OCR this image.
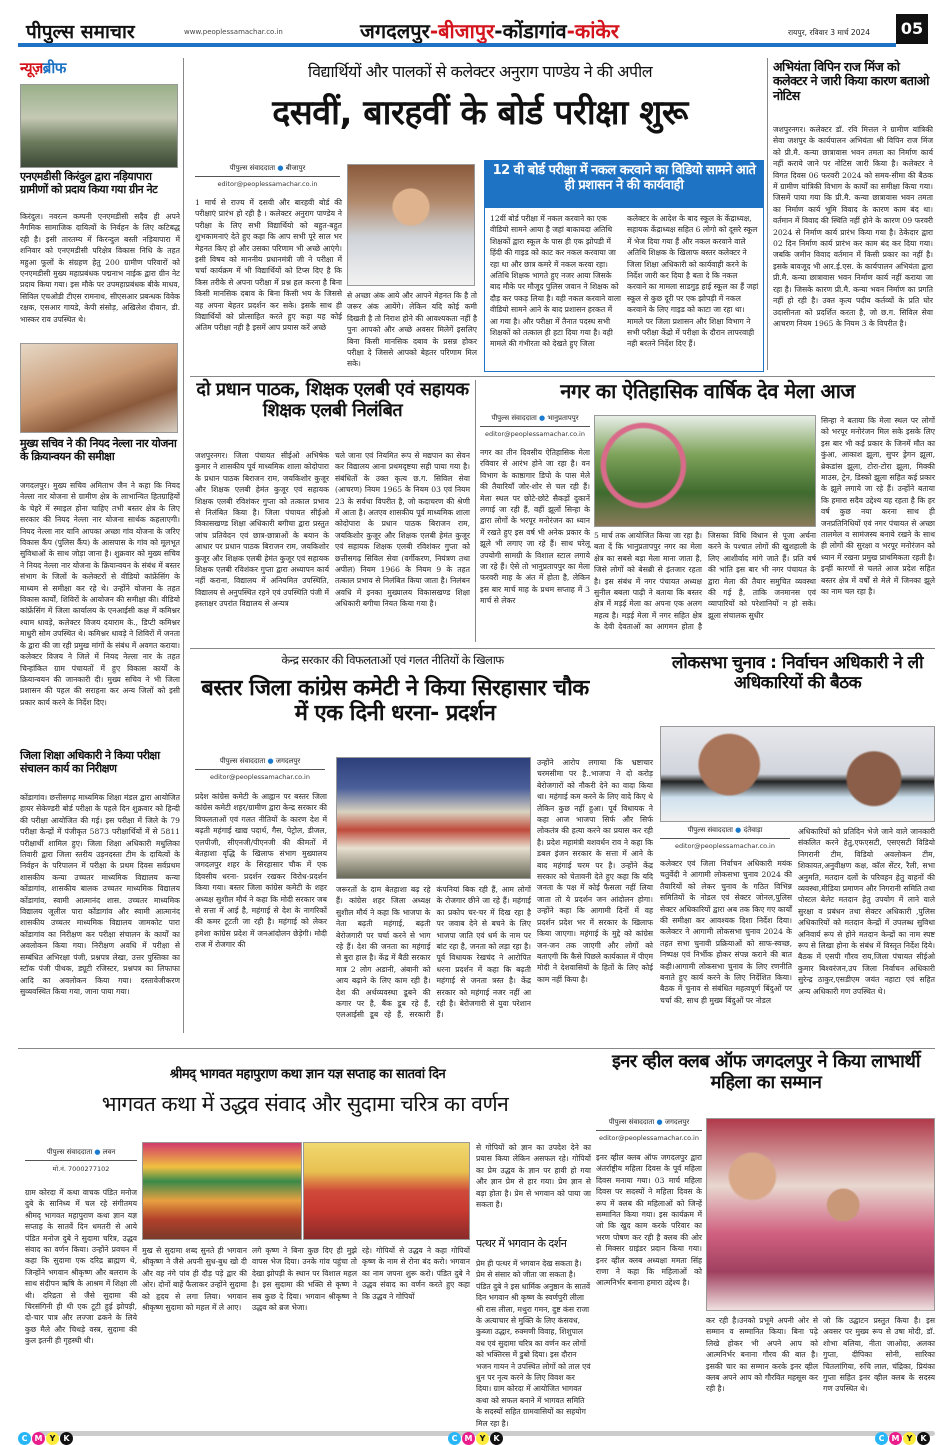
पीपुल्स समाचार	www.peoplessamachar.co.in	जगदलपुर-बीजापुर-कोंडागांव-कांकेर	रायपुर, रविवार 3 मार्च 2024	05
न्यूज़ब्रीफ
एनएमडीसी किरंदुल द्वारा नड़ियापारा ग्रामीणों को प्रदाय किया गया ग्रीन नेट
किरंदुल। नवरत्न कम्पनी एनएमडीसी सदैव ही अपने नैगमिक सामाजिक दायित्वों के निर्वहन के लिए कटिबद्ध रही है। इसी तारतम्य में किरन्दुल बस्ती नड़ियापारा में शनिवार को एनएमडीसी परिक्षेत्र विकास निधि के तहत महुआ फूलों के संग्रहण हेतु 200 ग्रामीण परिवारों को एनएमडीसी मुख्य महाप्रबंधक पद्मनाभ नाईक द्वारा ग्रीन नेट प्रदाय किया गया। इस मौके पर उपमहाप्रबंधक बीके माधव, सिविल एचओडी टीएस रामनाथ, सीएसआर प्रबन्धक विवेक रक्षक, एसआर गायडे, केपी संसोड़, अखिलेश दीवान, डी. भास्कर राव उपस्थित थे।
मुख्य सचिव ने की नियद नेल्ला नार योजना के क्रियान्वयन की समीक्षा
जगदलपुर। मुख्य सचिव अमिताभ जैन ने कहा कि नियद नेल्ला नार योजना से ग्रामीण क्षेत्र के लाभान्वित हितग्राहियों के चेहरे में स्माइल होना चाहिए तभी बस्तर क्षेत्र के लिए सरकार की नियद नेल्ला नार योजना सार्थक कहलाएगी। नियद नेल्ला नार यानि आपका अच्छा गांव योजना के जरिए विकास कैंप (पुलिस कैंप) के आसपास के गांव को मूलभूत सुविधाओं के साथ जोड़ा जाना है। शुक्रवार को मुख्य सचिव ने नियद नेल्ला नार योजना के क्रियान्वयन के संबंध में बस्तर संभाग के जिलों के कलेक्टरों से वीडियो कांफ्रेंसिंग के माध्यम से समीक्षा कर रहे थे। उन्होंने योजना के तहत विकास कार्यों, शिविरों के आयोजन की समीक्षा की। वीडियो कांफ्रेंसिंग में जिला कार्यालय के एनआईसी कक्ष में कमिश्नर श्याम धावड़े, कलेक्टर विजय दयाराम के., डिप्टी कमिश्नर माधुरी सोम उपस्थित थे। कमिश्नर धावड़े ने शिविरों में जनता के द्वारा की जा रही प्रमुख मांगों के संबंध में अवगत कराया। कलेक्टर विजय ने जिले में नियद नेल्ला नार के तहत चिन्हांकित ग्राम पंचायतों में हुए विकास कार्यों के क्रियान्वयन की जानकारी दी। मुख्य सचिव ने भी जिला प्रशासन की पहल की सराहना कर अन्य जिलों को इसी प्रकार कार्य करने के निर्देश दिए।
जिला शिक्षा अधिकारी ने किया परीक्षा संचालन कार्य का निरीक्षण
कोंडागांव। छत्तीसगढ़ माध्यमिक शिक्षा मंडल द्वारा आयोजित हायर सेकेण्डरी बोर्ड परीक्षा के पहले दिन शुक्रवार को हिन्दी की परीक्षा आयोजित की गई। इस परीक्षा में जिले के 79 परीक्षा केन्द्रों में पंजीकृत 5873 परीक्षार्थियों में से 5811 परीक्षार्थी शामिल हुए। जिला शिक्षा अधिकारी मधुलिका तिवारी द्वारा जिला स्तरीय उड़नदस्ता टीम के दायित्वों के निर्वहन के परिपालन में परीक्षा के प्रथम दिवस सर्वप्रथम शासकीय कन्या उच्चतर माध्यमिक विद्यालय कन्या कोंडागांव, शासकीय बालक उच्चतर माध्यमिक विद्यालय कोंडागांव, स्वामी आत्मानंद शास. उच्चतर माध्यमिक विद्यालय जूलील पारा कोंडागांव और स्वामी आत्मानंद शासकीय उच्चतर माध्यमिक विद्यालय जामकोट पारा कोंडागांव का निरीक्षण कर परीक्षा संचालन के कार्यों का अवलोकन किया गया। निरीक्षण अवधि में परीक्षा से सम्बंधित अभिरक्षा पंजी, प्रश्नपत्र लेखा, उत्तर पुस्तिका का स्टॉक पंजी पीथक, ड्यूटी रजिस्टर, प्रश्नपत्र का लिफाफा आदि का अवलोकन किया गया। दस्तावेजीकरण सुव्यवस्थित किया गया, जाना पाया गया।
विद्यार्थियों और पालकों से कलेक्टर अनुराग पाण्डेय ने की अपील
दसवीं, बारहवीं के बोर्ड परीक्षा शुरू
पीपुल्स संवाददाता ● बीजापुर
editor@peoplessamachar.co.in
1 मार्च से राज्य में दसवी और बारहवी बोर्ड की परीक्षाएं प्रारंभ हो रही है । कलेक्टर अनुराग पाण्डेय ने परीक्षा के लिए सभी विद्यार्थियो को बहुत-बहुत शुभकामनाएं देते हुए कहा कि आप सभी पूरे साल भर मेहनत किए हो और उसका परिणाम भी अच्छे आएंगे। इसी विषय को माननीय प्रधानमंत्री जी ने परीक्षा में चर्चा कार्यक्रम में भी विद्यार्थियों को टिप्स दिए है कि किस तरीके से अपना परीक्षा में प्रश्न हल करना है बिना किसी मानसिक दबाव के बिना किसी भय के जिससे वह अपना बेहतर प्रदर्शन कर सके। इसके साथ ही विद्यार्थियों को प्रोत्साहित करते हुए कहा यह कोई अंतिम परीक्षा नही है इसमें आप प्रयास करें अच्छे
से अच्छा अंक आये और आपने मेहनत कि है तो जरूर अंक आयेंगे। लेकिन यदि कोई कमी दिखती है तो निराश होने की आवश्यकता नहीं है पुनः आपको और अच्छे अवसर मिलेगें इसलिए बिना किसी मानसिक दबाव के प्रसन्न होकर परीक्षा दे जिससे आपको बेहतर परिणाम मिल सके।
12 वी बोर्ड परीक्षा में नकल करवाने का विडियो सामने आते ही प्रशासन ने की कार्यवाही
12वीं बोर्ड परीक्षा में नकल करवाने का एक वीडियो सामने आया है जहां बाकायदा अतिथि शिक्षकों द्वारा स्कूल के पास ही एक झोपडी में हिंदी की गाइड को काट कर नकल करवाया जा रहा था और छात्र कमरे में नकल करवा रहा। अतिथि शिक्षक भागते हुए नजर आया जिसके बाद मौके पर मौजूद पुलिस जवान ने शिक्षक को दौड़ कर पकड़ लिया है। वही नकल करवाने वाला वीडियो सामने आने के बाद प्रशासन हरकत में आ गया है। और परीक्षा में तैनात पदस्थ सभी शिक्षकों को तत्काल ही हटा दिया गया है। वही मामले की गंभीरता को देखते हुए जिला
कलेक्टर के आदेश के बाद स्कूल के केंद्राध्यक्ष, सहायक केंद्राध्यक्ष सहित 6 लोगो को दूसरे स्कूल में भेज दिया गया हैं और नकल करवाने वाले अतिथि शिक्षक के खिलाफ बस्तर कलेक्टर ने जिला शिक्षा अधिकारी को कार्यवाही करने के निर्देश जारी कर दिया है बता दे कि नकल करवाने का मामला साडगुड़ हाई स्कूल का हैं जहां स्कूल से कुछ दूरी पर एक झोपड़ी में नकल करवाने के लिए गाइड को काटा जा रहा था। मामले पर जिला प्रशासन और शिक्षा विभाग ने सभी परीक्षा केंद्रो में परीक्षा के दौरान लापरवाही नही बरतने निर्देश दिए हैं।
अभियंता विपिन राज मिंज को कलेक्टर ने जारी किया कारण बताओ नोटिस
जशपुरनगर। कलेक्टर डॉ. रवि मित्तल ने ग्रामीण यांत्रिकी सेवा जशपुर के कार्यपालन अभियंता श्री विपिन राज मिंज को प्री.मै. कन्या छात्रावास भवन तमता का निर्माण कार्य नहीं कराये जाने पर नोटिस जारी किया है। कलेक्टर ने विगत दिवस 06 फरवरी 2024 को समय-सीमा की बैठक में ग्रामीण यांत्रिकी विभाग के कार्यों का समीक्षा किया गया। जिसमें पाया गया कि प्री.मै. कन्या छात्रावास भवन तमता का निर्माण कार्य भूमि विवाद के कारण काम बंद था। वर्तमान में विवाद की स्थिति नहीं होने के कारण 09 फरवरी 2024 से निर्माण कार्य प्रारंभ किया गया है। ठेकेदार द्वारा 02 दिन निर्माण कार्य प्रारंभ कर काम बंद कर दिया गया। जबकि जमीन विवाद वर्तमान में किसी प्रकार का नहीं है। इसके बावजूद भी आर.ई.एस. के कार्यपालन अभियंता द्वारा प्री.मै. कन्या छात्रावास भवन निर्माण कार्य नहीं कराया जा रहा है। जिसके कारण प्री.मै. कन्या भवन निर्माण का प्रगति नहीं हो रही है। उक्त कृत्य पदीय कर्तव्यों के प्रति घोर उदासीनता को प्रदर्शित करता है, जो छ.ग. सिविल सेवा आचरण नियम 1965 के नियम 3 के विपरीत है।
दो प्रधान पाठक, शिक्षक एलबी एवं सहायक शिक्षक एलबी निलंबित
जशपुरनगर। जिला पंचायत सीईओ अभिषेक कुमार ने शासकीय पूर्व माध्यमिक शाला कोदोपारा के प्रधान पाठक बिराजन राम, जयकिशोर कुजूर और शिक्षक एलबी हेमंत कुजूर एवं सहायक शिक्षक एलबी रविशंकर गुप्ता को तत्काल प्रभाव से निलंबित किया है। जिला पंचायत सीईओ विकासखण्ड शिक्षा अधिकारी बगीचा द्वारा प्रस्तुत जांच प्रतिवेदन एवं छात्र-छात्राओं के बयान के आधार पर प्रधान पाठक बिराजन राम, जयकिशोर कुजूर और शिक्षक एलबी हेमंत कुजूर एवं सहायक शिक्षक एलबी रविशंकर गुप्ता द्वारा अध्यापन कार्य नहीं कराना, विद्यालय में अनियमित उपस्थिति, विद्यालय से अनुपस्थित रहने एवं उपस्थिति पंजी में हस्ताक्षर उपरांत विद्यालय से अन्यत्र
चले जाना एवं नियमित रूप से मद्यपान का सेवन कर विद्यालय आना प्रथमदृष्टया सही पाया गया है। संबंधितों के उक्त कृत्य छ.ग. सिविल सेवा (आचरण) नियम 1965 के नियम 03 एवं नियम 23 के सर्वथा विपरीत है, जो कदाचरण की श्रेणी में आता है। अतएव शासकीय पूर्व माध्यमिक शाला कोदोपारा के प्रधान पाठक बिराजन राम, जयकिशोर कुजूर और शिक्षक एलबी हेमंत कुजूर एवं सहायक शिक्षक एलबी रविशंकर गुप्ता को छत्तीसगढ़ सिविल सेवा (वर्गीकरण, नियंत्रण तथा अपील) नियम 1966 के नियम 9 के तहत तत्काल प्रभाव से निलंबित किया जाता है। निलंबन अवधि में इनका मुख्यालय विकासखण्ड शिक्षा अधिकारी बगीचा नियत किया गया है।
नगर का ऐतिहासिक वार्षिक देव मेला आज
पीपुल्स संवाददाता ● भानुप्रतापपुर
editor@peoplessamachar.co.in
नगर का तीन दिवसीय ऐतिहासिक मेला रविवार से आरंभ होने जा रहा है। वन विभाग के काष्ठागार डिपो के पास मेले की तैयारियाँ जोर-शोर से चल रही हैं। मेला स्थल पर छोटे-छोटे सैकड़ों दुकानें लगाई जा रही हैं, वहीं झूलों सिन्हा के द्वारा लोगों के भरपूर मनोरंजन का ध्यान में रखते हुए इस वर्ष भी अनेक प्रकार के झूले भी लगाए जा रहे हैं। साथ घरेलू उपयोगी सामग्री के विशाल स्टाल लगाये जा रहे हैं। ऐसे तो भानुप्रतापपुर का मेला फरवरी माह के अंत में होता है, लेकिन इस बार मार्च माह के प्रथम सप्ताह में 3 मार्च से लेकर
5 मार्च तक आयोजित किया जा रहा है। बता दें कि भानुप्रतापपुर नगर का मेला क्षेत्र का सबसे बड़ा मेला माना जाता है, जिसे लोगों को बेसब्री से इंतजार रहता है। इस संबंध में नगर पंचायत अध्यक्ष सुनील बबला पाढ़ी ने बताया कि बस्तर क्षेत्र में मड़ई मेला का अपना एक अलग महत्व है। मड़ई मेला में नगर सहित क्षेत्र के देवी देवताओं का आगमन होता है जिसका विधि विधान से पूजा अर्चना करने के पश्चात लोगों की खुशहाली के लिए आशीर्वाद मांगे जाते हैं। प्रति वर्ष की भांति इस बार भी नगर पंचायत के द्वारा मेला की तैयार समुचित व्यवस्था की गई है, ताकि जनमानस एवं व्यापारियों को परेशानियों न हो सके। झूला संचालक सुधीर
सिन्हा ने बताया कि मेला स्थल पर लोगों को भरपूर मनोरंजन मिल सके इसके लिए इस बार भी कई प्रकार के जिनमें मौत का कुंआ, आकाश झूला, सुपर ड्रेगन झूला, ब्रेकडांस झूला, टोरा-टोरा झूला, मिक्की माउस, ट्रेन, डिस्को झूला सहित कई प्रकार के झूले लगाये जा रहे हैं। उन्होंने बताया कि हमारा सदैव उद्देश्य यह रहता है कि हर वर्ष कुछ नया करना साथ ही जनप्रतिनिधियों एवं नगर पंचायत से अच्छा तालमेल व सामंजस्य बनाये रखने के साथ ही लोगों की सुरक्षा व भरपूर मनोरंजन को ध्यान में रखना प्रमुख प्राथमिकता रहती है। इन्हीं कारणों से चलते आज प्रदेश सहित बस्तर क्षेत्र में वर्षों से मेले में जिनका झूले का नाम चल रहा है।
केन्द्र सरकार की विफलताओं एवं गलत नीतियों के खिलाफ
बस्तर जिला कांग्रेस कमेटी ने किया सिरहासार चौक में एक दिनी धरना- प्रदर्शन
पीपुल्स संवाददाता ● जगदलपुर
editor@peoplessamachar.co.in
प्रदेश कांग्रेस कमेटी के आह्वान पर बस्तर जिला कांग्रेस कमेटी शहर/ग्रामीण द्वारा केन्द्र सरकार की विफलताओं एवं गलत नीतियों के कारण देश में बढ़ती महंगाई खाद्य पदार्थ, गैस, पेट्रोल, डीजल, एलपीजी, सीएनजी/पीएनजी की कीमतों में बेतहाशा वृद्धि के खिलाफ संभाग मुख्यालय जगदलपुर शहर के सिरहासार चौक में एक दिवसीय धरना- प्रदर्शन रखकर विरोध-प्रदर्शन किया गया। बस्तर जिला कांग्रेस कमेटी के शहर अध्यक्ष सुशील मौर्य ने कहा कि मोदी सरकार जब से सत्ता में आई है, महंगाई से देश के नागरिकों की कमर टूटती जा रही है। महंगाई को लेकर हमेशा कांग्रेस प्रदेश में जनआंदोलन छेड़ेगी। मोदी राज में रोजगार की
जरूरतों के दाम बेतहाशा बढ़ रहे हैं। कांग्रेस शहर जिला अध्यक्ष सुशील मौर्य ने कहा कि भाजपा के नेता बढ़ती महंगाई, बढ़ती बेरोजगारी पर चर्चा करने से भाग रहे हैं। देश की जनता का महंगाई से बुरा हाल है। केंद्र में बैठी सरकार मात्र 2 लोग अडानी, अंबानी को आय बढ़ाने के लिए काम रही है। देश की अर्थव्यवस्था डूबने की कगार पर है, बैंक डूब रहे हैं, एलआईसी डूब रहे हैं, सरकारी कंपनियां बिक रही हैं, आम लोगों के रोजगार छीने जा रहे हैं। महंगाई का प्रकोप चर-चर में दिख रहा है पर जवाब देने से बचने के लिए भाजपा जाति एवं धर्म के नाम पर बांट रहा है, जनता को लड़ा रहा है। पूर्व विधायक रेखचंद ने आरोपित धरना प्रदर्शन में कहा कि बढ़ती महंगाई से जनता त्रस्त है। केंद्र सरकार को महंगाई नजर नहीं आ रही है। बेरोजगारी से युवा परेशान हैं।
उन्होंने आरोप लगाया कि भ्रष्टाचार चरमसीमा पर है..भाजपा ने दो करोड़ बेरोजगारों को नौकरी देने का वादा किया था। महंगाई कम करने के लिए वादे किए थे लेकिन कुछ नहीं हुआ। पूर्व विधायक ने कहा आज भाजपा सिर्फ और सिर्फ लोकतंत्र की हत्या करने का प्रयास कर रही है। प्रदेश महामंत्री यशवर्धन राव ने कहा कि डबल इंजन सरकार के सत्ता में आने के बाद महंगाई चरम पर है। उन्होंने केंद्र सरकार को चेतावनी देते हुए कहा कि यदि जनता के पक्ष में कोई फैसला नहीं लिया जाता तो ये प्रदर्शन जन आंदोलन होगा। उन्होंने कहा कि आगामी दिनों में वह प्रदर्शन प्रदेश भर में सरकार के खिलाफ किया जाएगा। महंगाई के मुद्दे को कांग्रेस जन-जन तक जाएगी और लोगों को बताएगी कि कैसे पिछले कार्यकाल में पीएम मोदी ने देशवासियों के हितों के लिए कोई काम नहीं किया है।
लोकसभा चुनाव : निर्वाचन अधिकारी ने ली अधिकारियों की बैठक
पीपुल्स संवाददाता ● दंतेवाड़ा
editor@peoplessamachar.co.in
कलेक्टर एवं जिला निर्वाचन अधिकारी मयंक चतुर्वेदी ने आगामी लोकसभा चुनाव 2024 की तैयारियों को लेकर चुनाव के गठित विभिन्न समितियों के नोडल एवं सेक्टर जोनल,पुलिस सेक्टर अधिकारियों द्वारा अब तक किए गए कार्यों की समीक्षा कर आवश्यक दिशा निर्देश दिया।कलेक्टर ने आगामी लोकसभा चुनाव 2024 के तहत सभा चुनावी प्रक्रियाओं को साफ-स्वच्छ, निष्पक्ष एवं निर्भीक होकर संपन्न कराने की बात कही।आगामी लोकसभा चुनाव के लिए रणनीति बनाते हुए कार्य करने के लिए निर्देशित किया। बैठक में चुनाव से संबंधित महत्वपूर्ण बिंदुओं पर चर्चा की, साथ ही मुख्य बिंदुओं पर नोडल
अधिकारियों को प्रतिदिन भेजे जाने वाले जानकारी संकलित करने हेतु,एफएसटी, एसएसटी विडियो निगरानी टीम, विडियो अवलोकन टीम, शिकायत,अनुवीक्षण कक्ष, कॉल सेंटर, रैली, सभा अनुमति, मतदान दलों के परिवहन हेतु वाहनों की व्यवस्था,मीडिया प्रमाणन और निगरानी समिति तथा पोस्टल बेलेट मतदान हेतु उपयोग में लाने वाले सुरक्षा व प्रबंधन तथा सेक्टर अधिकारी ,पुलिस अधिकारियों को मतदान केन्द्रों में उपलब्ध सुविधा अनिवार्य रूप से होने मतदान केन्द्रों का नाम स्पष्ट रूप से लिखा होना के संबंध में विस्तृत निर्देश दिये। बैठक में एसपी गौरव राय,जिला पंचायत सीईओ कुमार बिश्वरंजन,उप जिला निर्वाचन अधिकारी सुरेन्द्र ठाकुर,एसडीएम जयंत नहाटा एवं सहित अन्य अधिकारी गण उपस्थित थे।
श्रीमद् भागवत महापुराण कथा ज्ञान यज्ञ सप्ताह का सातवां दिन
भागवत कथा में उद्धव संवाद और सुदामा चरित्र का वर्णन
पीपुल्स संवाददाता ● लवन
मो.नं. 7000277102
ग्राम कोरदा में कथा वाचक पंडित मनोज दुबे के सानिध्य में चल रहे संगीतमय श्रीमद् भागवत महापुराण कथा ज्ञान यज्ञ सप्ताह के सातवें दिन धमतरी से आये पंडित मनोज दुबे ने सुदामा चरित्र, उद्धव संवाद का वर्णन किया। उन्होंने प्रवचन में कहा कि सुदामा एक दरिद्र ब्राह्मण थे, जिन्होंने भगवान श्रीकृष्ण और बलराम के साथ संदीपन ऋषि के आश्रम में शिक्षा ली थी। दरिद्रता से जैसे सुदामा की चिरसंगिनी ही थी एक टूटी हुई झोपड़ी, दो-चार पात्र और लज्जा ढकने के लिये कुछ मैले और चिथड़े वस्त्र, सुदामा की कुल इतनी ही गृहस्थी थी।
मुख से सुदामा शब्द सुनते ही भगवान श्रीकृष्ण ने जैसे अपनी सुध-बुध खो दी और वह नंगे पांव ही दौड़ पड़े द्वार की ओर। दोनों बाहें फैलाकर उन्होंने सुदामा को हृदय से लगा लिया। भगवान श्रीकृष्ण सुदामा को महल में ले आए।
लगे कृष्ण ने बिना कुछ दिए ही मुझे वापस भेज दिया। उनके गांव पहुंचा तो देखा झोपड़ी के स्थान पर विशाल महल है। इस सुदामा की भक्ति से कृष्ण ने सब कुछ दे दिया। भगवान श्रीकृष्ण ने उद्धव को ब्रज भेजा।
रहे। गोपियों से उद्धव ने कहा गोपियों कृष्ण के नाम से रोना बंद करो। भगवान का नाम जपना शुरू करो। पंडित दुबे ने उद्धव संवाद का वर्णन करते हुए कहा कि उद्धव ने गोपियों
से गोपियों को ज्ञान का उपदेश देने का प्रयास किया लेकिन असफल रहे। गोपियों का प्रेम उद्धव के ज्ञान पर हावी हो गया और ज्ञान प्रेम से हार गया। प्रेम ज्ञान से बड़ा होता है। प्रेम से भगवान को पाया जा सकता है।
पत्थर में भगवान के दर्शन
प्रेम ही पत्थर में भगवान देख सकता है। प्रेम से संसार को जीता जा सकता है। पंडित दुबे ने इस धार्मिक अनुष्ठान के सातवें दिन भगवान श्री कृष्ण के स्वर्णपुरी लीला श्री रास लीला, मथुरा गमन, दुष्ट कंस राजा के अत्याचार से मुक्ति के लिए कंसवध, कुब्जा उद्धार, रुक्मणी विवाह, शिशुपाल वध एवं सुदामा चरित्र का वर्णन कर लोगों को भक्तिरस में डुबो दिया। इस दौरान भजन गायन ने उपस्थित लोगों को ताल एवं धुन पर नृत्य करने के लिए विवश कर दिया। ग्राम कोरदा में आयोजित भागवत कथा को सफल बनाने में भागवत समिति के सदस्यों सहित ग्रामवासियों का सहयोग मिल रहा है।
इनर व्हील क्लब ऑफ जगदलपुर ने किया लाभार्थी महिला का सम्मान
पीपुल्स संवाददाता ● जगदलपुर
editor@peoplessamachar.co.in
इनर व्हील क्लब ऑफ जगदलपुर द्वारा अंतर्राष्ट्रीय महिला दिवस के पूर्व महिला दिवस मनाया गया। 03 मार्च महिला दिवस पर सदस्यों ने महिला दिवस के रूप में क्लब की महिलाओं को जिन्हें सम्मानित किया गया। इस कार्यक्रम में जो कि खुद काम करके परिवार का भरण पोषण कर रही है क्लब की ओर से मिक्सर ग्राइंडर प्रदान किया गया। इनर व्हील क्लब अध्यक्षा ममता सिंह राणा ने कहा कि महिलाओं को आत्मनिर्भर बनाना हमारा उद्देश्य है।
कर रही है।उनको प्रभूमे अपनी ओर से सम्मान व सम्मानित किया। बिना पढ़े लिखे होकर भी अपने आप को आत्मनिर्भर बनाना गौरव की बात है। इसकी चार का सम्मान करके इनर व्हील क्लब अपने आप को गौरवित महसूस कर रही है।
जो कि उद्घाटन प्रस्तुत किया है। इस अवसर पर मुख्य रूप से उषा मोदी, डॉ. शोभा बलिया, नीता जाओदा, अलका गुप्ता, दीपिका सोनी, सारिका चितलांगिया, रुचि लाल, चंद्रिका, प्रियंका गुप्ता सहित इनर व्हील क्लब के सदस्य गण उपस्थित थे।
C M Y K	C M Y K	C M Y K
